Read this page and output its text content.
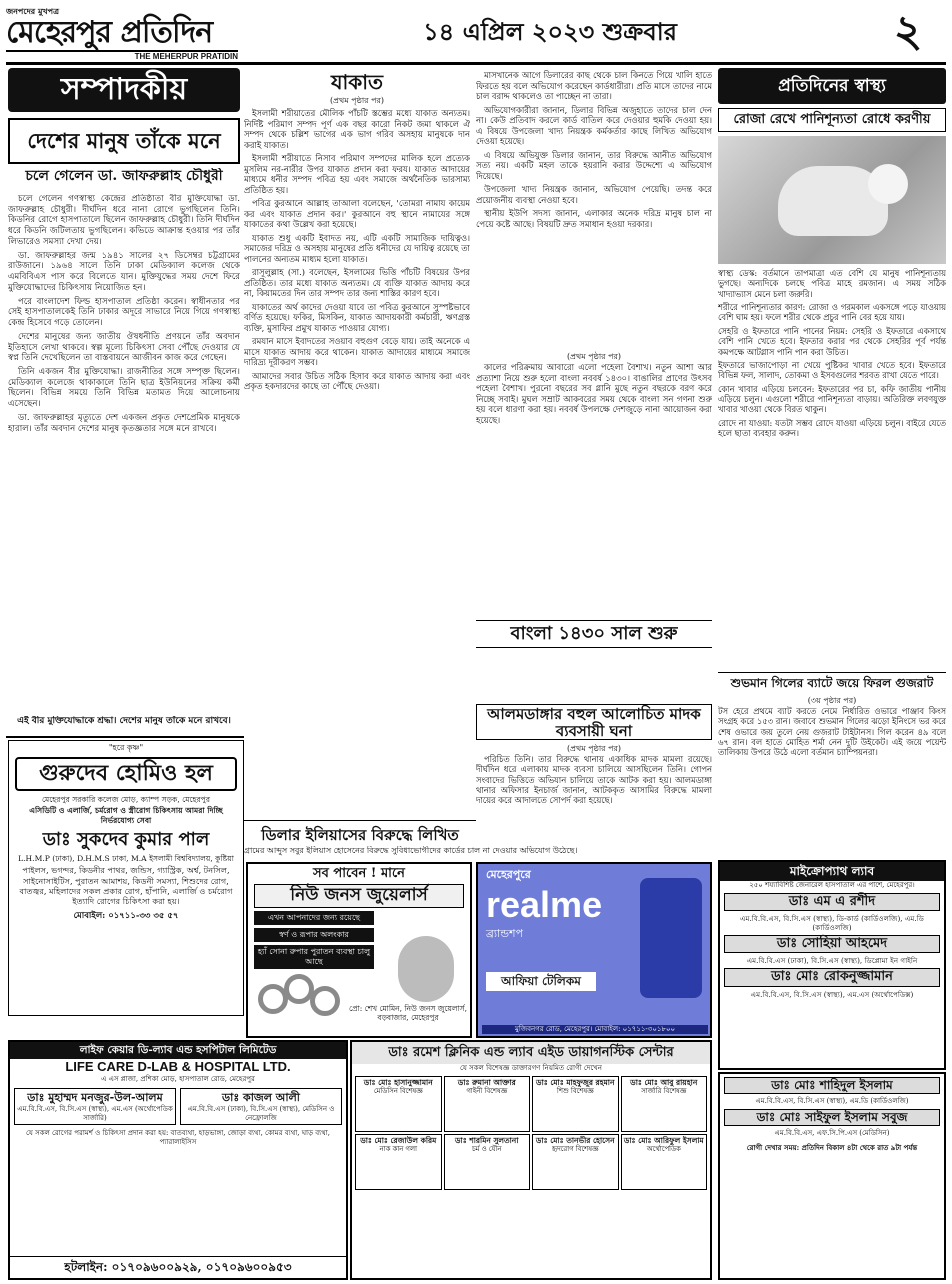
জনপদের মুখপত্র
মেহেরপুর প্রতিদিন
THE MEHERPUR PRATIDIN
১৪ এপ্রিল ২০২৩ শুক্রবার	২
সম্পাদকীয়
দেশের মানুষ তাঁকে মনে
চলে গেলেন ডা. জাফরুল্লাহ চৌধুরী

চলে গেলেন গণস্বাস্থ্য কেন্দ্রের প্রতিষ্ঠাতা বীর মুক্তিযোদ্ধা ডা. জাফরুল্লাহ চৌধুরী। দীর্ঘদিন ধরে নানা রোগে ভুগছিলেন তিনি। কিডনির রোগে হাসপাতালে ছিলেন জাফরুল্লাহ চৌধুরী। তিনি দীর্ঘদিন ধরে কিডনি জটিলতায় ভুগছিলেন। কভিডে আক্রান্ত হওয়ার পর তাঁর লিভারেও সমস্যা দেখা দেয়।

ডা. জাফরুল্লাহর জন্ম ১৯৪১ সালের ২৭ ডিসেম্বর চট্টগ্রামের রাউজানে। ১৯৬৪ সালে তিনি ঢাকা মেডিক্যাল কলেজ থেকে এমবিবিএস পাস করে বিলেতে যান। মুক্তিযুদ্ধের সময় দেশে ফিরে মুক্তিযোদ্ধাদের চিকিৎসায় নিয়োজিত হন।

পরে বাংলাদেশ ফিল্ড হাসপাতাল প্রতিষ্ঠা করেন। স্বাধীনতার পর সেই হাসপাতালকেই তিনি ঢাকার অদূরে সাভারে নিয়ে গিয়ে গণস্বাস্থ্য কেন্দ্র হিসেবে গড়ে তোলেন।

দেশের মানুষের জন্য জাতীয় ঔষধনীতি প্রণয়নে তাঁর অবদান ইতিহাসে লেখা থাকবে। স্বল্প মূল্যে চিকিৎসা সেবা পৌঁছে দেওয়ার যে স্বপ্ন তিনি দেখেছিলেন তা বাস্তবায়নে আজীবন কাজ করে গেছেন।

তিনি একজন বীর মুক্তিযোদ্ধা। রাজনীতির সঙ্গে সম্পৃক্ত ছিলেন। মেডিক্যাল কলেজে থাকাকালে তিনি ছাত্র ইউনিয়নের সক্রিয় কর্মী ছিলেন। বিভিন্ন সময়ে তিনি বিভিন্ন মতামত দিয়ে আলোচনায় এসেছেন।

ডা. জাফরুল্লাহর মৃত্যুতে দেশ একজন প্রকৃত দেশপ্রেমিক মানুষকে হারাল। তাঁর অবদান দেশের মানুষ কৃতজ্ঞতার সঙ্গে মনে রাখবে।

এই বীর মুক্তিযোদ্ধাকে শ্রদ্ধা। দেশের মানুষ তাঁকে মনে রাখবে।
যাকাত
(প্রথম পৃষ্ঠার পর)

ইসলামী শরীয়াতের মৌলিক পাঁচটি স্তম্ভের মধ্যে যাকাত অন্যতম। নির্দিষ্ট পরিমাণ সম্পদ পূর্ণ এক বছর কারো নিকট জমা থাকলে ঐ সম্পদ থেকে চল্লিশ ভাগের এক ভাগ গরিব অসহায় মানুষকে দান করাই যাকাত।

ইসলামী শরীয়াতে নিসাব পরিমাণ সম্পদের মালিক হলে প্রত্যেক মুসলিম নর-নারীর উপর যাকাত প্রদান করা ফরয। যাকাত আদায়ের মাধ্যমে ধনীর সম্পদ পবিত্র হয় এবং সমাজে অর্থনৈতিক ভারসাম্য প্রতিষ্ঠিত হয়।

পবিত্র কুরআনে আল্লাহ তাআলা বলেছেন, 'তোমরা নামায কায়েম কর এবং যাকাত প্রদান কর।' কুরআনে বহু স্থানে নামাযের সঙ্গে যাকাতের কথা উল্লেখ করা হয়েছে।

যাকাত শুধু একটি ইবাদত নয়, এটি একটি সামাজিক দায়িত্বও। সমাজের দরিদ্র ও অসহায় মানুষের প্রতি ধনীদের যে দায়িত্ব রয়েছে তা পালনের অন্যতম মাধ্যম হলো যাকাত।

রাসূলুল্লাহ (সা.) বলেছেন, ইসলামের ভিত্তি পাঁচটি বিষয়ের উপর প্রতিষ্ঠিত। তার মধ্যে যাকাত অন্যতম। যে ব্যক্তি যাকাত আদায় করে না, কিয়ামতের দিন তার সম্পদ তার জন্য শাস্তির কারণ হবে।

যাকাতের অর্থ কাদের দেওয়া যাবে তা পবিত্র কুরআনে সুস্পষ্টভাবে বর্ণিত হয়েছে। ফকির, মিসকিন, যাকাত আদায়কারী কর্মচারী, ঋণগ্রস্ত ব্যক্তি, মুসাফির প্রমুখ যাকাত পাওয়ার যোগ্য।

রমযান মাসে ইবাদতের সওয়াব বহুগুণ বেড়ে যায়। তাই অনেকে এ মাসে যাকাত আদায় করে থাকেন। যাকাত আদায়ের মাধ্যমে সমাজে দারিদ্র্য দূরীকরণ সম্ভব।

আমাদের সবার উচিত সঠিক হিসাব করে যাকাত আদায় করা এবং প্রকৃত হকদারদের কাছে তা পৌঁছে দেওয়া।

মাসখানেক আগে ডিলারের কাছ থেকে চাল কিনতে গিয়ে খালি হাতে ফিরতে হয় বলে অভিযোগ করেছেন কার্ডধারীরা। প্রতি মাসে তাদের নামে চাল বরাদ্দ থাকলেও তা পাচ্ছেন না তারা।

অভিযোগকারীরা জানান, ডিলার বিভিন্ন অজুহাতে তাদের চাল দেন না। কেউ প্রতিবাদ করলে কার্ড বাতিল করে দেওয়ার হুমকি দেওয়া হয়। এ বিষয়ে উপজেলা খাদ্য নিয়ন্ত্রক কর্মকর্তার কাছে লিখিত অভিযোগ দেওয়া হয়েছে।

এ বিষয়ে অভিযুক্ত ডিলার জানান, তার বিরুদ্ধে আনীত অভিযোগ সত্য নয়। একটি মহল তাকে হয়রানি করার উদ্দেশ্যে এ অভিযোগ দিয়েছে।

উপজেলা খাদ্য নিয়ন্ত্রক জানান, অভিযোগ পেয়েছি। তদন্ত করে প্রয়োজনীয় ব্যবস্থা নেওয়া হবে।

স্থানীয় ইউপি সদস্য জানান, এলাকার অনেক দরিদ্র মানুষ চাল না পেয়ে কষ্টে আছে। বিষয়টি দ্রুত সমাধান হওয়া দরকার।

(প্রথম পৃষ্ঠার পর)

কালের পরিক্রমায় আবারো এলো পহেলা বৈশাখ। নতুন আশা আর প্রত্যাশা নিয়ে শুরু হলো বাংলা নববর্ষ ১৪৩০। বাঙালির প্রাণের উৎসব পহেলা বৈশাখ। পুরনো বছরের সব গ্লানি মুছে নতুন বছরকে বরণ করে নিচ্ছে সবাই। মুঘল সম্রাট আকবরের সময় থেকে বাংলা সন গণনা শুরু হয় বলে ধারণা করা হয়। নববর্ষ উপলক্ষে দেশজুড়ে নানা আয়োজন করা হয়েছে।

বাংলা ১৪৩০ সাল শুরু
প্রতিদিনের স্বাস্থ্য
রোজা রেখে পানিশূন্যতা রোধে করণীয়

স্বাস্থ্য ডেস্ক: বর্তমানে তাপমাত্রা এত বেশি যে মানুষ পানিশূন্যতায় ভুগছে। অন্যদিকে চলছে পবিত্র মাহে রমজান। এ সময় সঠিক খাদ্যাভ্যাস মেনে চলা জরুরি।

শরীরে পানিশূন্যতার কারণ: রোজা ও গরমকাল একসঙ্গে পড়ে যাওয়ায় বেশি ঘাম হয়। ফলে শরীর থেকে প্রচুর পানি বের হয়ে যায়।

সেহরি ও ইফতারে পানি পানের নিয়ম: সেহরি ও ইফতারে একসাথে বেশি পানি খেতে হবে। ইফতার করার পর থেকে সেহরির পূর্ব পর্যন্ত কমপক্ষে আটগ্লাস পানি পান করা উচিত।

ইফতারে ভাজাপোড়া না খেয়ে পুষ্টিকর খাবার খেতে হবে। ইফতারে বিভিন্ন ফল, সালাদ, তোকমা ও ইসবগুলের শরবত রাখা যেতে পারে।

কোন খাবার এড়িয়ে চলবেন: ইফতারের পর চা, কফি জাতীয় পানীয় এড়িয়ে চলুন। এগুলো শরীরে পানিশূন্যতা বাড়ায়। অতিরিক্ত লবণযুক্ত খাবার খাওয়া থেকে বিরত থাকুন।

রোদে না যাওয়া: যতটা সম্ভব রোদে যাওয়া এড়িয়ে চলুন। বাইরে যেতে হলে ছাতা ব্যবহার করুন।

শুভমান গিলের ব্যাটে জয়ে ফিরল গুজরাট
(৩য় পৃষ্ঠার পর)
টস হেরে প্রথমে ব্যাট করতে নেমে নির্ধারিত ওভারে পাঞ্জাব কিংস সংগ্রহ করে ১৫৩ রান। জবাবে শুভমান গিলের ঝড়ো ইনিংসে ভর করে শেষ ওভারে জয় তুলে নেয় গুজরাট টাইটানস। গিল করেন ৪৯ বলে ৬৭ রান। বল হাতে মোহিত শর্মা নেন দুটি উইকেট। এই জয়ে পয়েন্ট তালিকায় উপরে উঠে এলো বর্তমান চ্যাম্পিয়নরা।
আলমডাঙ্গার বহুল আলোচিত মাদক ব্যবসায়ী ঘনা
(প্রথম পৃষ্ঠার পর)

পরিচিত তিনি। তার বিরুদ্ধে থানায় একাধিক মাদক মামলা রয়েছে। দীর্ঘদিন ধরে এলাকায় মাদক ব্যবসা চালিয়ে আসছিলেন তিনি। গোপন সংবাদের ভিত্তিতে অভিযান চালিয়ে তাকে আটক করা হয়। আলমডাঙ্গা থানার অফিসার ইনচার্জ জানান, আটককৃত আসামির বিরুদ্ধে মামলা দায়ের করে আদালতে সোপর্দ করা হয়েছে।

"হরে কৃষ্ণ"
গুরুদেব হোমিও হল
মেহেরপুর সরকারি কলেজ মোড়, ক্যাম্প সড়ক, মেহেরপুর
এসিডিটি ও এলার্জি, চর্মরোগ ও স্ত্রীরোগ চিকিৎসায় আমরা দিচ্ছি নির্ভরযোগ্য সেবা
ডাঃ সুকদেব কুমার পাল
L.H.M.P (ঢাকা), D.H.M.S ঢাকা, M.A ইসলামী বিশ্ববিদ্যালয়, কুষ্টিয়া
পাইলস, ভগন্দর, কিডনীর পাথর, জন্ডিস, গ্যাস্ট্রিক, অর্শ্ব, টনসিল, সাইনোসাইটিস, পুরাতন আমাশয়, কিডনী সমস্যা, শিশুদের রোগ, বাতজ্বর, মহিলাদের সকল প্রকার রোগ, হাঁপানি, এলার্জি ও চর্মরোগ ইত্যাদি রোগের চিকিৎসা করা হয়।
মোবাইল: ০১৭১১-৩৩ ৩৫ ৫৭
ডিলার ইলিয়াসের বিরুদ্ধে লিখিত
গ্রামের আব্দুস সবুর ইলিয়াস হোসেনের বিরুদ্ধে সুবিধাভোগীদের কার্ডের চাল না দেওয়ার অভিযোগ উঠেছে।
সব পাবেন ! মানে
নিউ জনস জুয়েলার্স
এখন আপনাদের জন্য রয়েছে
স্বর্ণ ও রূপার অলংকার
হ্যাঁ সোনা রুপার পুরাতন ব্যবস্থা চালু আছে
প্রো: শেখ মোমিন, নিউ জনস জুয়েলার্স, বড়বাজার, মেহেরপুর
মেহেরপুরে
realme
ব্র্যান্ডশপ
আফিয়া টেলিকম
মুজিবনগর রোড, মেহেরপুর। মোবাইল: ০১৭১১-৩০১৮০০
মাইক্রোপ্যাথ ল্যাব
২৫০ শয্যাবিশিষ্ট জেনারেল হাসপাতাল এর পাশে, মেহেরপুর।
ডাঃ এম এ রশীদ
এম.বি.বি.এস, বি.সি.এস (স্বাস্থ্য), ডি-কার্ড (কার্ডিওলজি), এম.ডি (কার্ডিওলজি)
ডাঃ সোহিয়া আহমেদ
এম.বি.বি.এস (ঢাকা), বি.সি.এস (স্বাস্থ্য), ডিপ্লোমা ইন গাইনি
ডাঃ মোঃ রোকনুজ্জামান
এম.বি.বি.এস, বি.সি.এস (স্বাস্থ্য), এম.এস (অর্থোপেডিক্স)
লাইফ কেয়ার ডি-ল্যাব এন্ড হসপিটাল লিমিটেড
LIFE CARE D-LAB & HOSPITAL LTD.
এ এস প্লাজা, প্রশিকা মোড়, হাসপাতাল রোড, মেহেরপুর
ডাঃ মুহাম্মদ মনজুর-উল-আলম
এম.বি.বি.এস, বি.সি.এস (স্বাস্থ্য), এম.এস (অর্থোপেডিক সার্জারি)
ডাঃ কাজল আলী
এম.বি.বি.এস (ঢাকা), বি.সি.এস (স্বাস্থ্য), মেডিসিন ও নেফ্রোলজি
যে সকল রোগের পরামর্শ ও চিকিৎসা প্রদান করা হয়: বাতব্যথা, হাড়ভাঙ্গা, জোড়া ব্যথা, কোমর ব্যথা, ঘাড় ব্যথা, প্যারালাইসিস
হটলাইন: ০১৭০৯৬০০৯২৯, ০১৭০৯৬০০৯৫৩
ডাঃ রমেশ ক্লিনিক এন্ড ল্যাব এইড ডায়াগনস্টিক সেন্টার
যে সকল বিশেষজ্ঞ ডাক্তারগণ নিয়মিত রোগী দেখেন
ডাঃ মোঃ হাসানুজ্জামান
মেডিসিন বিশেষজ্ঞ
ডাঃ রুমানা আক্তার
গাইনী বিশেষজ্ঞ
ডাঃ মোঃ মাহফুজুর রহমান
শিশু বিশেষজ্ঞ
ডাঃ মোঃ আবু রায়হান
সার্জারি বিশেষজ্ঞ
ডাঃ মোঃ রেজাউল করিম
নাক কান গলা
ডাঃ শারমিন সুলতানা
চর্ম ও যৌন
ডাঃ মোঃ তানভীর হোসেন
হৃদরোগ বিশেষজ্ঞ
ডাঃ মোঃ আরিফুল ইসলাম
অর্থোপেডিক
ডাঃ মোঃ শাহিদুল ইসলাম
এম.বি.বি.এস, বি.সি.এস (স্বাস্থ্য), এম.ডি (কার্ডিওলজি)
ডাঃ মোঃ সাইফুল ইসলাম সবুজ
এম.বি.বি.এস, এফ.সি.পি.এস (মেডিসিন)
রোগী দেখার সময়: প্রতিদিন বিকাল ৪টা থেকে রাত ৯টা পর্যন্ত
